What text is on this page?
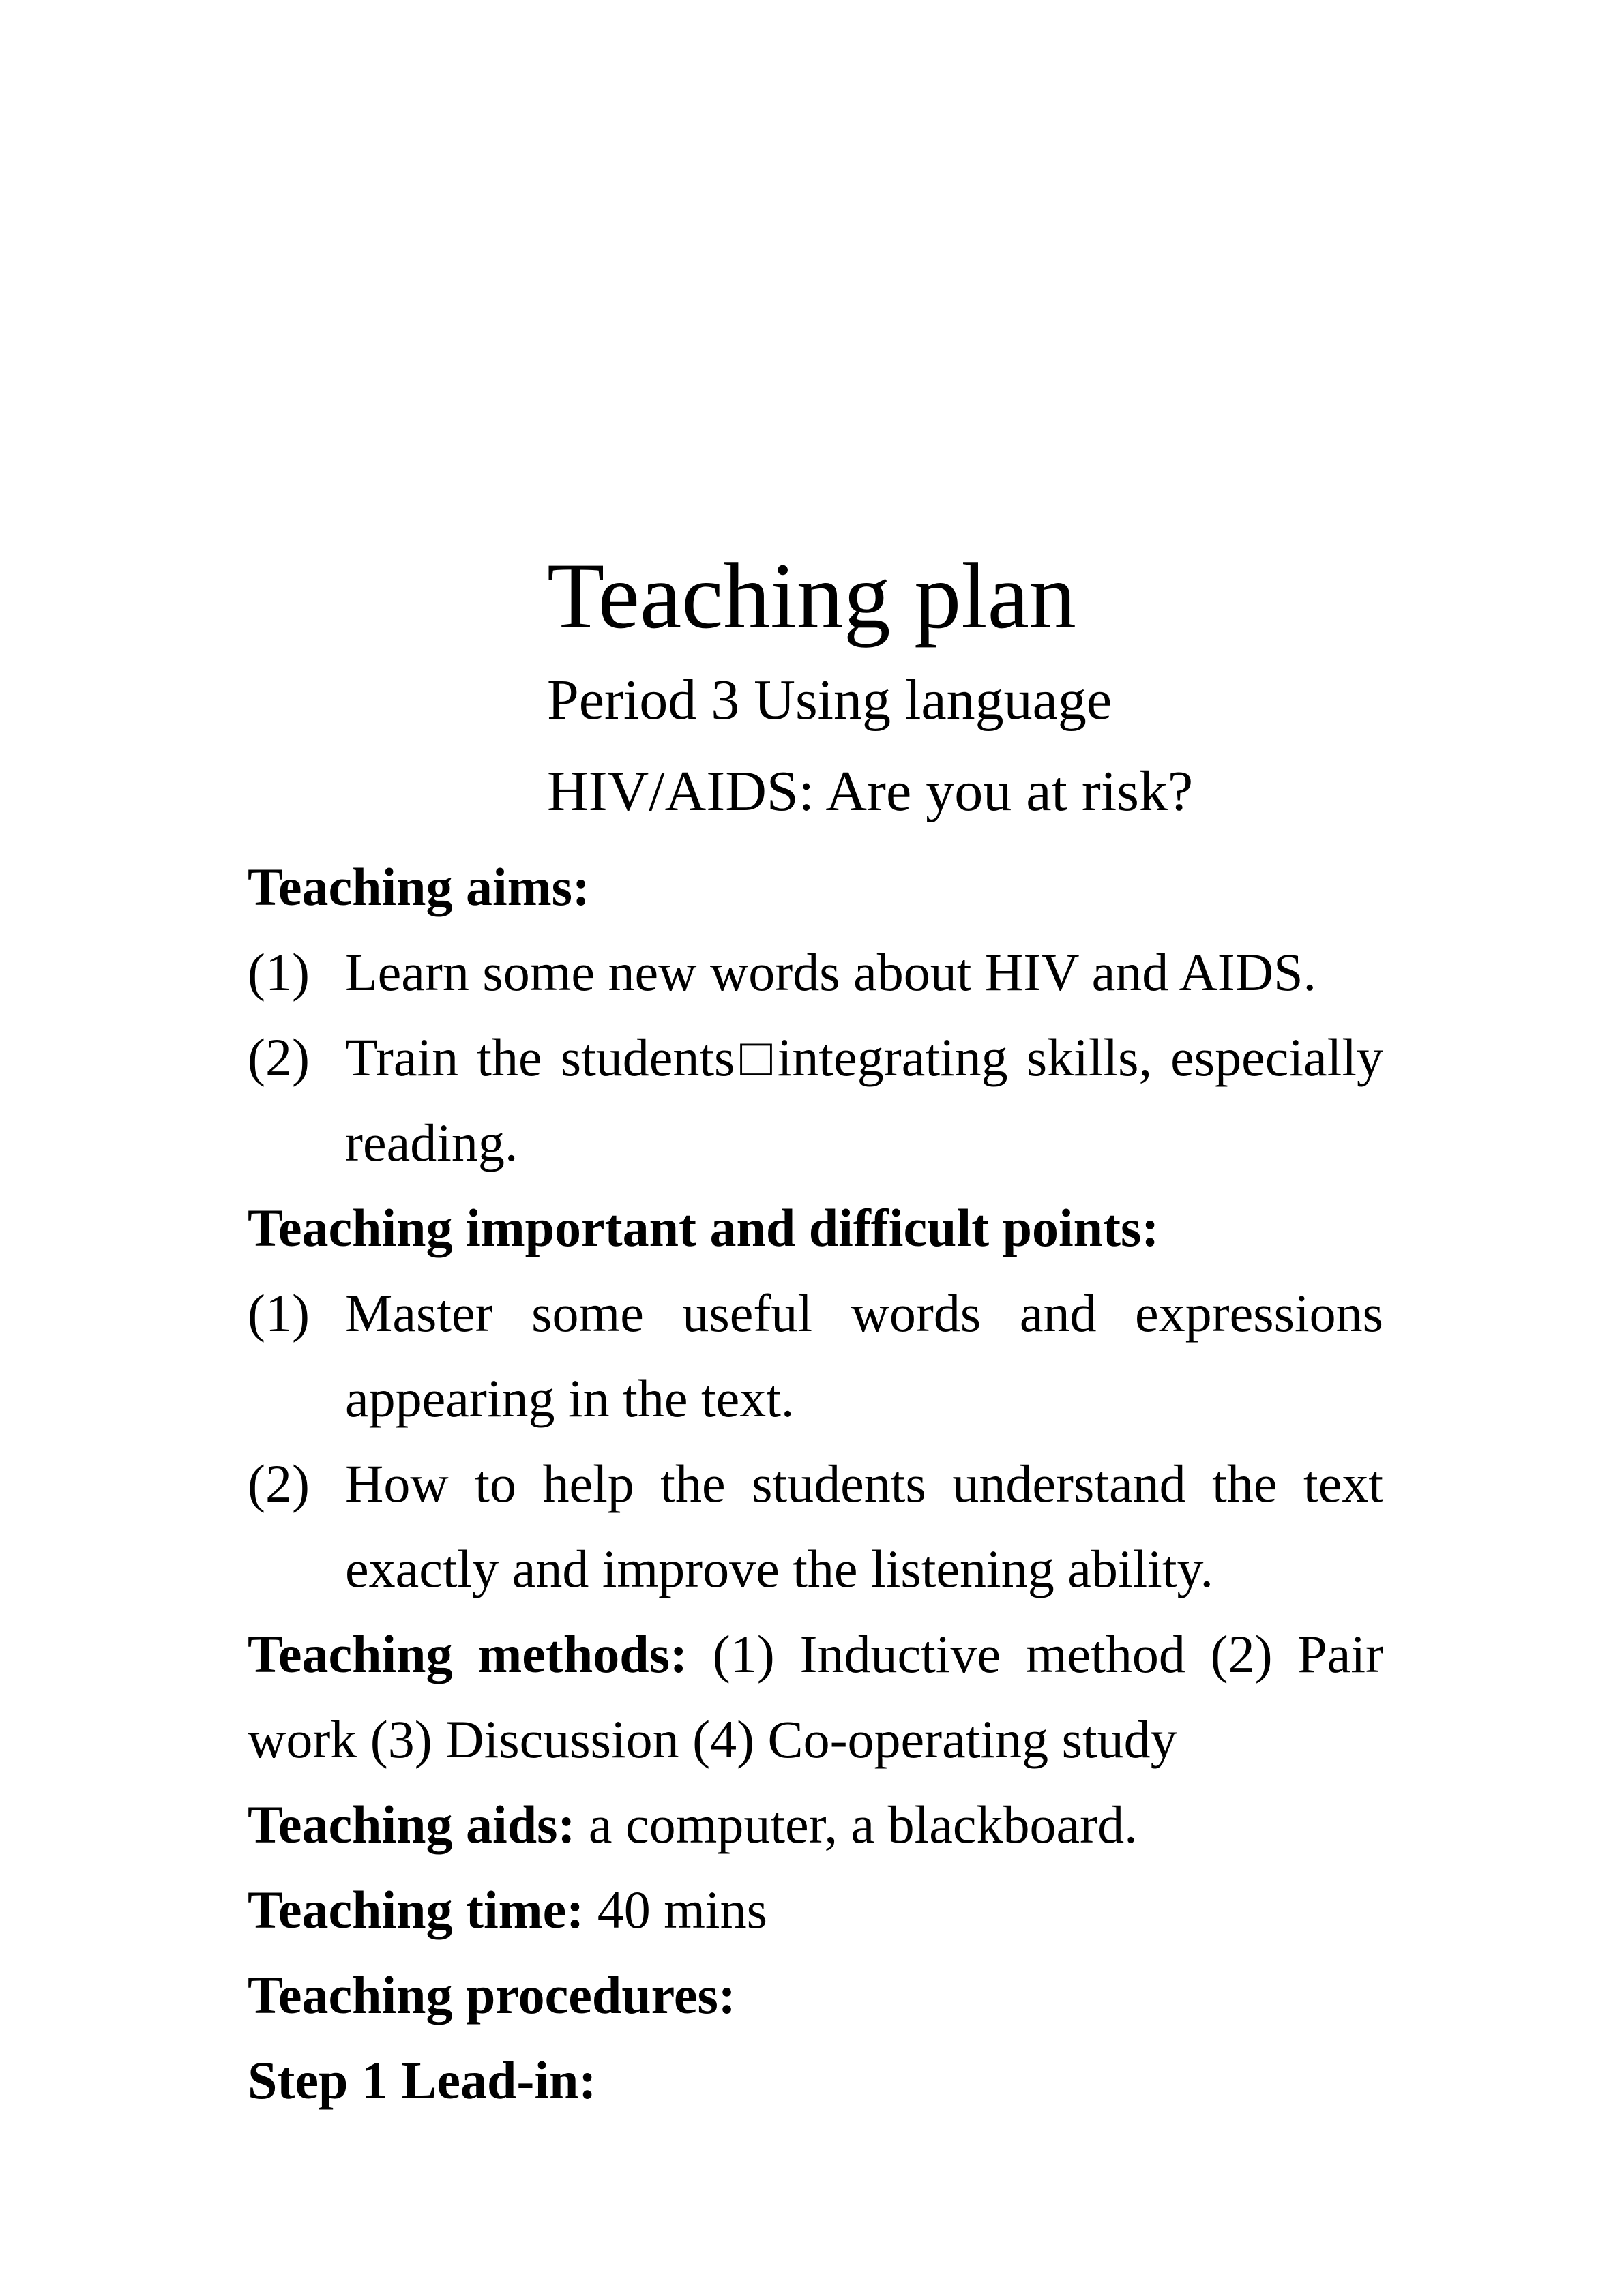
Teaching plan
Period 3 Using language
HIV/AIDS: Are you at risk?
Teaching aims:
(1) Learn some new words about HIV and AIDS.
(2) Train the students□integrating skills, especially reading.
Teaching important and difficult points:
(1) Master some useful words and expressions appearing in the text.
(2) How to help the students understand the text exactly and improve the listening ability.
Teaching methods: (1) Inductive method (2) Pair work (3) Discussion (4) Co-operating study
Teaching aids: a computer, a blackboard.
Teaching time: 40 mins
Teaching procedures:
Step 1 Lead-in:
